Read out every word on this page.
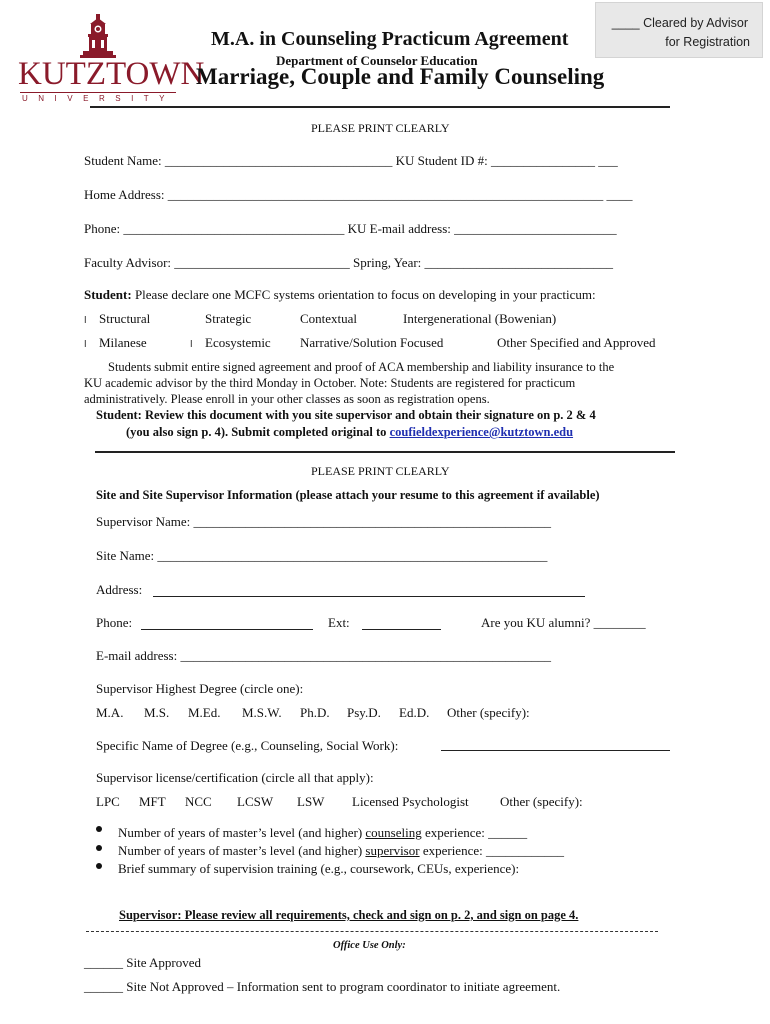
KUTZTOWN
UNIVERSITY
____ Cleared by Advisor
for Registration
M.A. in Counseling Practicum Agreement
Department of Counselor Education
Marriage, Couple and Family Counseling
PLEASE PRINT CLEARLY
Student Name: ___________________________________ KU Student ID #: ________________ ___
Home Address: ___________________________________________________________________ ____
Phone: __________________________________ KU E-mail address: _________________________
Faculty Advisor: ___________________________ Spring, Year: _____________________________
Student: Please declare one MCFC systems orientation to focus on developing in your practicum:
l Structural	Strategic	Contextual	Intergenerational (Bowenian)
l Milanese	l Ecosystemic Narrative/Solution Focused	Other Specified and Approved
Students submit entire signed agreement and proof of ACA membership and liability insurance to the
KU academic advisor by the third Monday in October. Note: Students are registered for practicum
administratively. Please enroll in your other classes as soon as registration opens.
Student: Review this document with you site supervisor and obtain their signature on p. 2 & 4
(you also sign p. 4). Submit completed original to coufieldexperience@kutztown.edu
PLEASE PRINT CLEARLY
Site and Site Supervisor Information (please attach your resume to this agreement if available)
Supervisor Name: _______________________________________________________
Site Name: ____________________________________________________________
Address:
Phone:	Ext:	Are you KU alumni? ________
E-mail address: _________________________________________________________
Supervisor Highest Degree (circle one):
M.A. M.S. M.Ed. M.S.W. Ph.D. Psy.D. Ed.D. Other (specify):
Specific Name of Degree (e.g., Counseling, Social Work):
Supervisor license/certification (circle all that apply):
LPC MFT NCC LCSW LSW Licensed Psychologist Other (specify):
Number of years of master’s level (and higher) counseling experience: ______
Number of years of master’s level (and higher) supervisor experience: ____________
Brief summary of supervision training (e.g., coursework, CEUs, experience):
Supervisor: Please review all requirements, check and sign on p. 2, and sign on page 4.
Office Use Only:
______ Site Approved
______ Site Not Approved – Information sent to program coordinator to initiate agreement.
